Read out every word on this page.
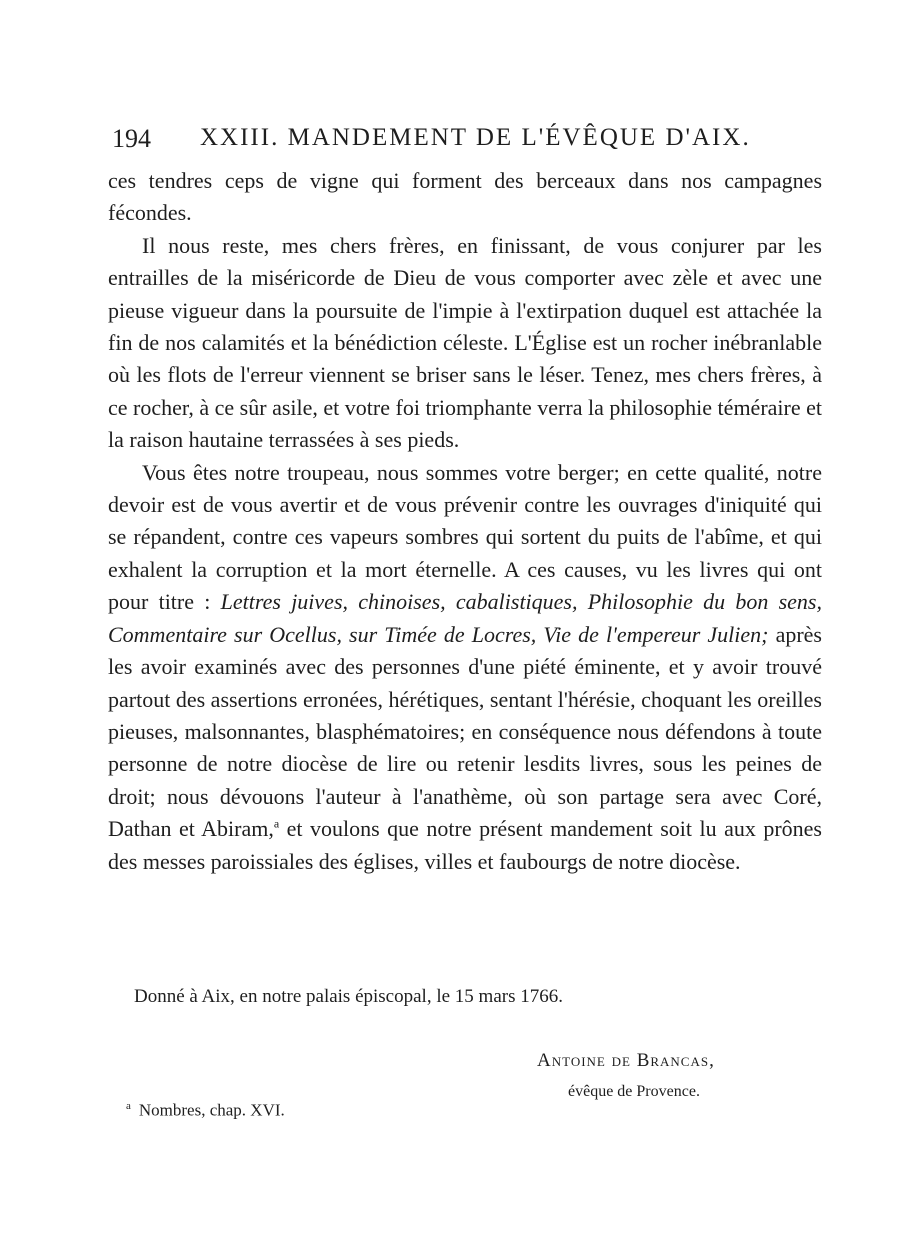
194 XXIII. MANDEMENT DE L'ÉVÊQUE D'AIX.

ces tendres ceps de vigne qui forment des berceaux dans nos campagnes fécondes.

Il nous reste, mes chers frères, en finissant, de vous conjurer par les entrailles de la miséricorde de Dieu de vous comporter avec zèle et avec une pieuse vigueur dans la poursuite de l'impie à l'extirpation duquel est attachée la fin de nos calamités et la bénédiction céleste. L'Église est un rocher inébranlable où les flots de l'erreur viennent se briser sans le léser. Tenez, mes chers frères, à ce rocher, à ce sûr asile, et votre foi triomphante verra la philosophie téméraire et la raison hautaine terrassées à ses pieds.

Vous êtes notre troupeau, nous sommes votre berger; en cette qualité, notre devoir est de vous avertir et de vous prévenir contre les ouvrages d'iniquité qui se répandent, contre ces vapeurs sombres qui sortent du puits de l'abîme, et qui exhalent la corruption et la mort éternelle. A ces causes, vu les livres qui ont pour titre : Lettres juives, chinoises, cabalistiques, Philosophie du bon sens, Commentaire sur Ocellus, sur Timée de Locres, Vie de l'empereur Julien; après les avoir examinés avec des personnes d'une piété éminente, et y avoir trouvé partout des assertions erronées, hérétiques, sentant l'hérésie, choquant les oreilles pieuses, malsonnantes, blasphématoires; en conséquence nous défendons à toute personne de notre diocèse de lire ou retenir lesdits livres, sous les peines de droit; nous dévouons l'auteur à l'anathème, où son partage sera avec Coré, Dathan et Abiram,$^a$ et voulons que notre présent mandement soit lu aux prônes des messes paroissiales des églises, villes et faubourgs de notre diocèse.

Donné à Aix, en notre palais épiscopal, le 15 mars 1766.
Antoine de Brancas,
évêque de Provence.
$^a$ Nombres, chap. XVI.
